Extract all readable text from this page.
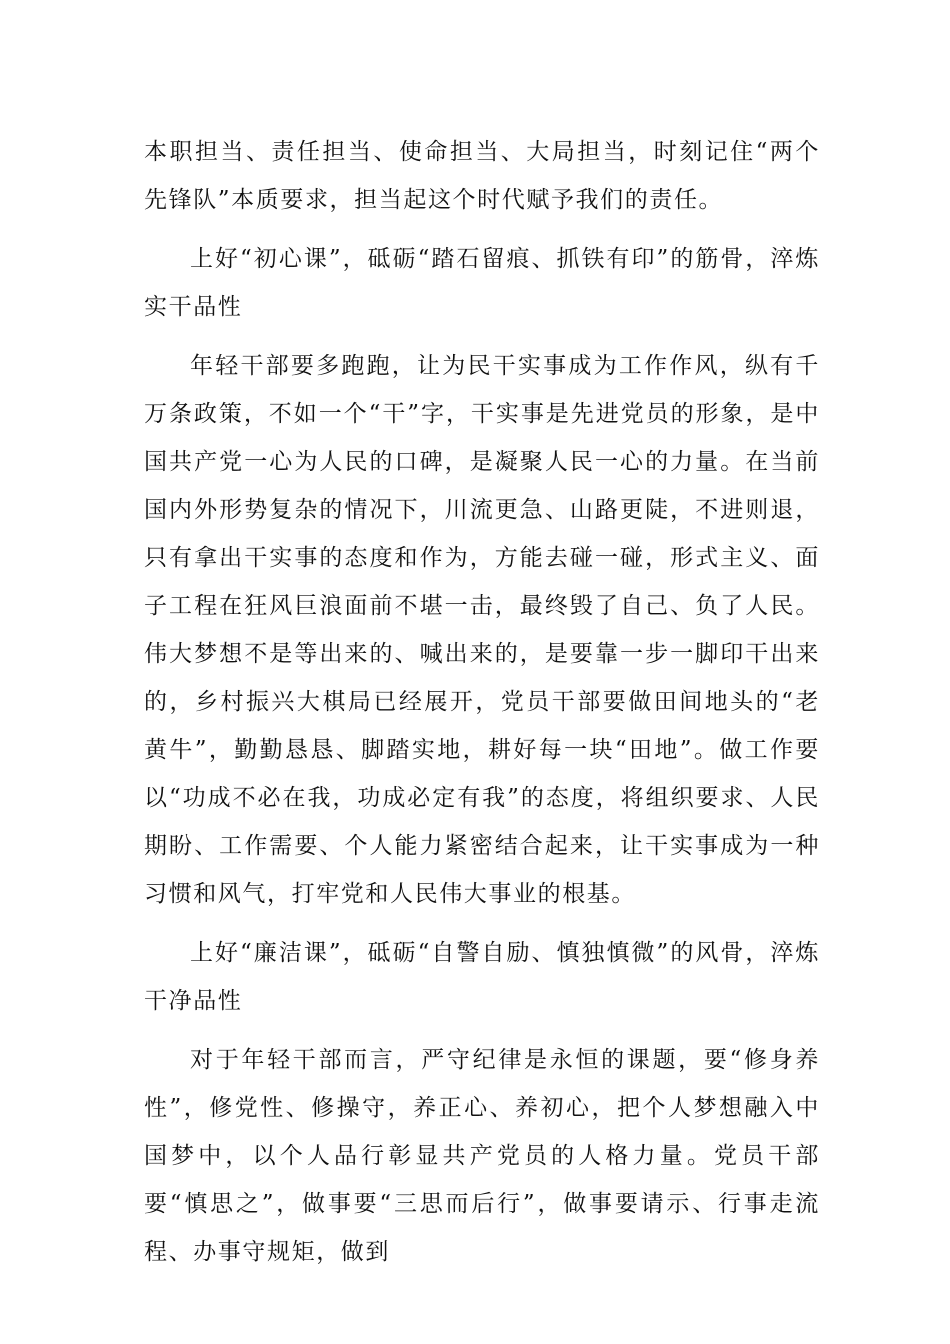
本职担当、责任担当、使命担当、大局担当，时刻记住“两个先锋队”本质要求，担当起这个时代赋予我们的责任。

上好“初心课”，砥砺“踏石留痕、抓铁有印”的筋骨，淬炼实干品性

年轻干部要多跑跑，让为民干实事成为工作作风，纵有千万条政策，不如一个“干”字，干实事是先进党员的形象，是中国共产党一心为人民的口碑，是凝聚人民一心的力量。在当前国内外形势复杂的情况下，川流更急、山路更陡，不进则退，只有拿出干实事的态度和作为，方能去碰一碰，形式主义、面子工程在狂风巨浪面前不堪一击，最终毁了自己、负了人民。伟大梦想不是等出来的、喊出来的，是要靠一步一脚印干出来的，乡村振兴大棋局已经展开，党员干部要做田间地头的“老黄牛”，勤勤恳恳、脚踏实地，耕好每一块“田地”。做工作要以“功成不必在我，功成必定有我”的态度，将组织要求、人民期盼、工作需要、个人能力紧密结合起来，让干实事成为一种习惯和风气，打牢党和人民伟大事业的根基。

上好“廉洁课”，砥砺“自警自励、慎独慎微”的风骨，淬炼干净品性

对于年轻干部而言，严守纪律是永恒的课题，要“修身养性”，修党性、修操守，养正心、养初心，把个人梦想融入中国梦中，以个人品行彰显共产党员的人格力量。党员干部要“慎思之”，做事要“三思而后行”，做事要请示、行事走流程、办事守规矩，做到
